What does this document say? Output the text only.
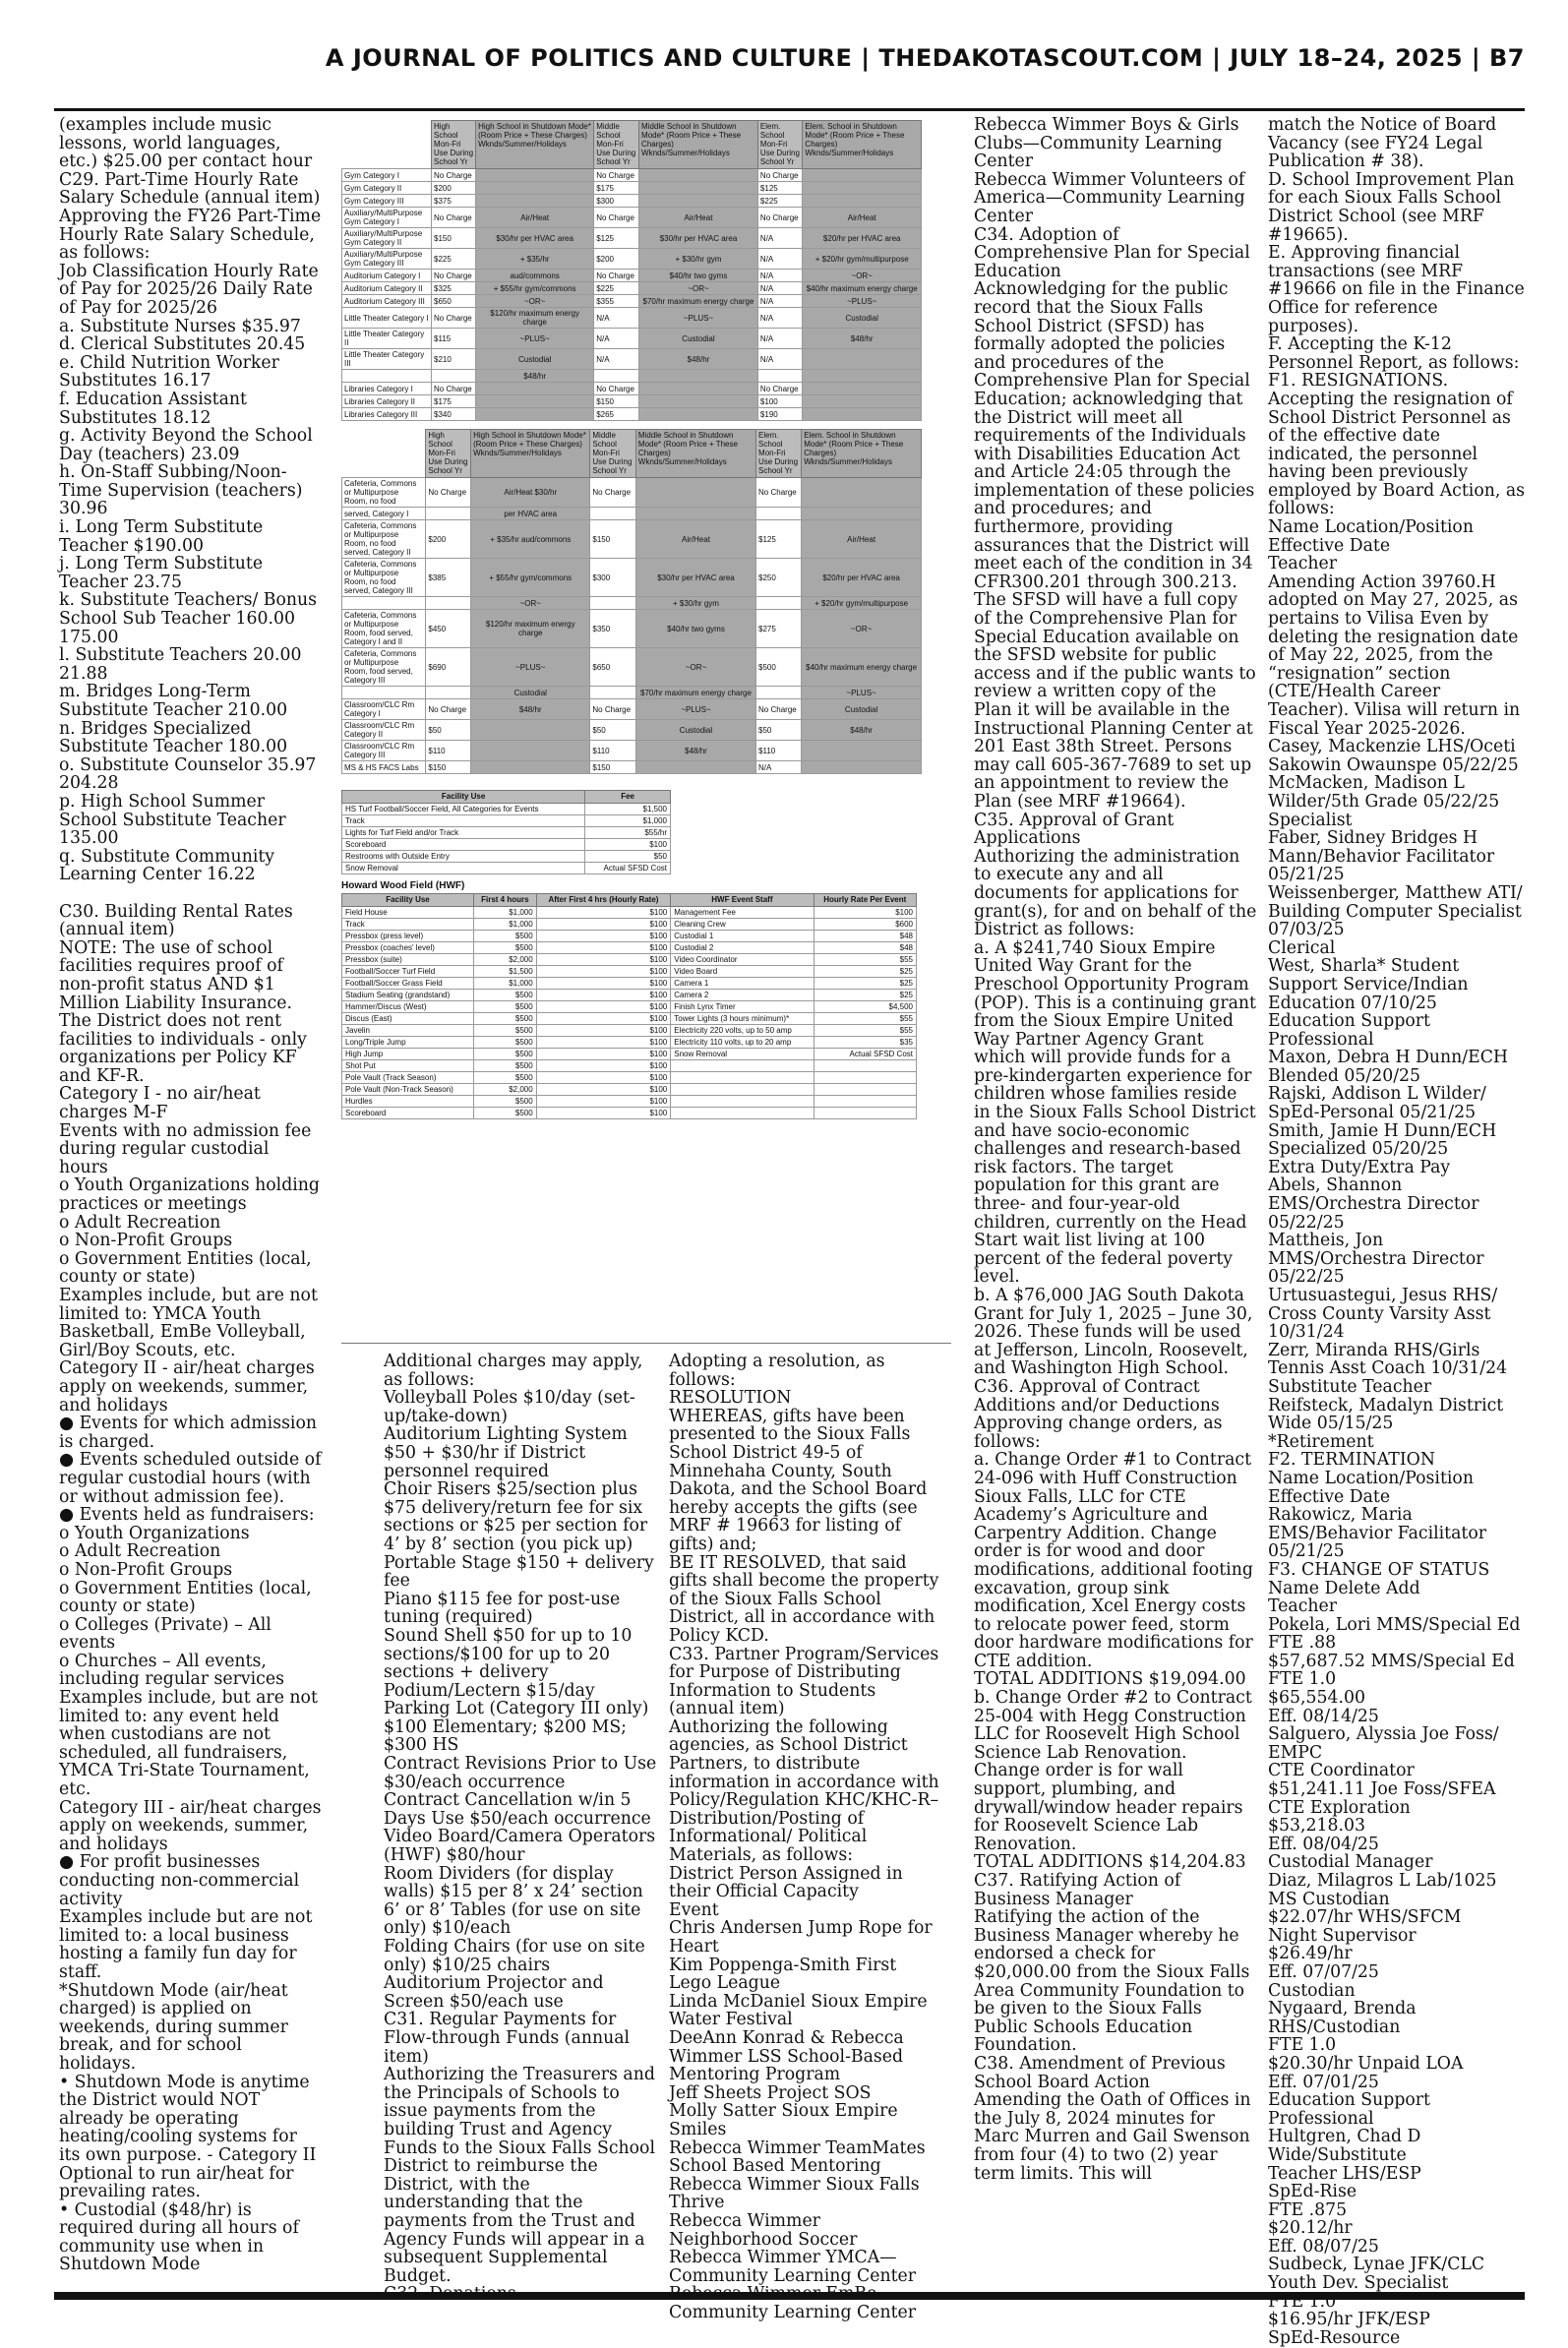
A JOURNAL OF POLITICS AND CULTURE | THEDAKOTASCOUT.COM | JULY 18–24, 2025 | B7

(examples include music lessons, world languages, etc.) $25.00 per contact hour

C29. Part-Time Hourly Rate Salary Schedule (annual item)

Approving the FY26 Part-Time Hourly Rate Salary Schedule, as follows:

Job Classification Hourly Rate of Pay for 2025/26 Daily Rate of Pay for 2025/26

a. Substitute Nurses $35.97

d. Clerical Substitutes 20.45

e. Child Nutrition Worker Substitutes 16.17

f. Education Assistant Substitutes 18.12

g. Activity Beyond the School Day (teachers) 23.09

h. On-Staff Subbing/Noon-Time Supervision (teachers) 30.96

i. Long Term Substitute Teacher $190.00

j. Long Term Substitute Teacher 23.75

k. Substitute Teachers/ Bonus School Sub Teacher 160.00

175.00

l. Substitute Teachers 20.00 21.88

m. Bridges Long-Term Substitute Teacher 210.00

n. Bridges Specialized Substitute Teacher 180.00

o. Substitute Counselor 35.97 204.28

p. High School Summer School Substitute Teacher 135.00

q. Substitute Community Learning Center 16.22

C30. Building Rental Rates (annual item)

NOTE: The use of school facilities requires proof of non-profit status AND $1 Million Liability Insurance. The District does not rent facilities to individuals - only organizations per Policy KF and KF-R.

Category I - no air/heat charges M-F

Events with no admission fee during regular custodial hours

o Youth Organizations holding practices or meetings

o Adult Recreation

o Non-Profit Groups

o Government Entities (local, county or state)

Examples include, but are not limited to: YMCA Youth Basketball, EmBe Volleyball, Girl/Boy Scouts, etc.

Category II - air/heat charges apply on weekends, summer, and holidays

● Events for which admission is charged.

● Events scheduled outside of regular custodial hours (with or without admission fee).

● Events held as fundraisers:

o Youth Organizations

o Adult Recreation

o Non-Profit Groups

o Government Entities (local, county or state)

o Colleges (Private) – All events

o Churches – All events, including regular services

Examples include, but are not limited to: any event held when custodians are not scheduled, all fundraisers, YMCA Tri-State Tournament, etc.

Category III - air/heat charges apply on weekends, summer, and holidays

● For profit businesses conducting non-commercial activity

Examples include but are not limited to: a local business hosting a family fun day for staff.

*Shutdown Mode (air/heat charged) is applied on weekends, during summer break, and for school holidays.

• Shutdown Mode is anytime the District would NOT already be operating heating/cooling systems for its own purpose. - Category II Optional to run air/heat for prevailing rates.

• Custodial ($48/hr) is required during all hours of community use when in Shutdown Mode

	High School Mon-Fri Use During School Yr	High School in Shutdown Mode* (Room Price + These Charges) Wknds/Summer/Holidays	Middle School Mon-Fri Use During School Yr	Middle School in Shutdown Mode* (Room Price + These Charges) Wknds/Summer/Holidays	Elem. School Mon-Fri Use During School Yr	Elem. School in Shutdown Mode* (Room Price + These Charges) Wknds/Summer/Holidays
Gym Category I	No Charge		No Charge		No Charge	
Gym Category II	$200		$175		$125	
Gym Category III	$375		$300		$225	
Auxiliary/MultiPurpose Gym Category I	No Charge	Air/Heat	No Charge	Air/Heat	No Charge	Air/Heat
Auxiliary/MultiPurpose Gym Category II	$150	$30/hr per HVAC area	$125	$30/hr per HVAC area	N/A	$20/hr per HVAC area
Auxiliary/MultiPurpose Gym Category III	$225	+ $35/hr	$200	+ $30/hr gym	N/A	+ $20/hr gym/multipurpose
Auditorium Category I	No Charge	aud/commons	No Charge	$40/hr two gyms	N/A	~OR~
Auditorium Category II	$325	+ $55/hr gym/commons	$225	~OR~	N/A	$40/hr maximum energy charge
Auditorium Category III	$650	~OR~	$355	$70/hr maximum energy charge	N/A	~PLUS~
Little Theater Category I	No Charge	$120/hr maximum energy charge	N/A	~PLUS~	N/A	Custodial
Little Theater Category II	$115	~PLUS~	N/A	Custodial	N/A	$48/hr
Little Theater Category III	$210	Custodial	N/A	$48/hr	N/A	
		$48/hr				
Libraries Category I	No Charge		No Charge		No Charge	
Libraries Category II	$175		$150		$100	
Libraries Category III	$340		$265		$190	
	High School Mon-Fri Use During School Yr	High School in Shutdown Mode* (Room Price + These Charges) Wknds/Summer/Holidays	Middle School Mon-Fri Use During School Yr	Middle School in Shutdown Mode* (Room Price + These Charges) Wknds/Summer/Holidays	Elem. School Mon-Fri Use During School Yr	Elem. School in Shutdown Mode* (Room Price + These Charges) Wknds/Summer/Holidays
Cafeteria, Commons or Multipurpose Room, no food	No Charge	Air/Heat $30/hr	No Charge		No Charge	
served, Category I		per HVAC area				
Cafeteria, Commons or Multipurpose Room, no food served, Category II	$200	+ $35/hr aud/commons	$150	Air/Heat	$125	Air/Heat
Cafeteria, Commons or Multipurpose Room, no food served, Category III	$385	+ $55/hr gym/commons	$300	$30/hr per HVAC area	$250	$20/hr per HVAC area
		~OR~		+ $30/hr gym		+ $20/hr gym/multipurpose
Cafeteria, Commons or Multipurpose Room, food served, Category I and II	$450	$120/hr maximum energy charge	$350	$40/hr two gyms	$275	~OR~
Cafeteria, Commons or Multipurpose Room, food served, Category III	$690	~PLUS~	$650	~OR~	$500	$40/hr maximum energy charge
		Custodial		$70/hr maximum energy charge		~PLUS~
Classroom/CLC Rm Category I	No Charge	$48/hr	No Charge	~PLUS~	No Charge	Custodial
Classroom/CLC Rm Category II	$50		$50	Custodial	$50	$48/hr
Classroom/CLC Rm Category III	$110		$110	$48/hr	$110	
MS & HS FACS Labs	$150		$150		N/A	
Facility Use	Fee
HS Turf Football/Soccer Field, All Categories for Events	$1,500
Track	$1,000
Lights for Turf Field and/or Track	$55/hr
Scoreboard	$100
Restrooms with Outside Entry	$50
Snow Removal	Actual SFSD Cost
Howard Wood Field (HWF)
Facility Use	First 4 hours	After First 4 hrs (Hourly Rate)	HWF Event Staff	Hourly Rate Per Event
Field House	$1,000	$100	Management Fee	$100
Track	$1,000	$100	Cleaning Crew	$600
Pressbox (press level)	$500	$100	Custodial 1	$48
Pressbox (coaches' level)	$500	$100	Custodial 2	$48
Pressbox (suite)	$2,000	$100	Video Coordinator	$55
Football/Soccer Turf Field	$1,500	$100	Video Board	$25
Football/Soccer Grass Field	$1,000	$100	Camera 1	$25
Stadium Seating (grandstand)	$500	$100	Camera 2	$25
Hammer/Discus (West)	$500	$100	Finish Lynx Timer	$4,500
Discus (East)	$500	$100	Tower Lights (3 hours minimum)*	$55
Javelin	$500	$100	Electricity 220 volts, up to 50 amp	$55
Long/Triple Jump	$500	$100	Electricity 110 volts, up to 20 amp	$35
High Jump	$500	$100	Snow Removal	Actual SFSD Cost
Shot Put	$500	$100		
Pole Vault (Track Season)	$500	$100		
Pole Vault (Non-Track Season)	$2,000	$100		
Hurdles	$500	$100		
Scoreboard	$500	$100		

Additional charges may apply, as follows:

Volleyball Poles $10/day (set-up/take-down)

Auditorium Lighting System $50 + $30/hr if District personnel required

Choir Risers $25/section plus $75 delivery/return fee for six sections or $25 per section for 4’ by 8’ section (you pick up)

Portable Stage $150 + delivery fee

Piano $115 fee for post-use tuning (required)

Sound Shell $50 for up to 10 sections/$100 for up to 20 sections + delivery

Podium/Lectern $15/day

Parking Lot (Category III only) $100 Elementary; $200 MS; $300 HS

Contract Revisions Prior to Use $30/each occurrence

Contract Cancellation w/in 5 Days Use $50/each occurrence

Video Board/Camera Operators (HWF) $80/hour

Room Dividers (for display walls) $15 per 8’ x 24’ section

6’ or 8’ Tables (for use on site only) $10/each

Folding Chairs (for use on site only) $10/25 chairs

Auditorium Projector and Screen $50/each use

C31. Regular Payments for Flow-through Funds (annual item)

Authorizing the Treasurers and the Principals of Schools to issue payments from the building Trust and Agency Funds to the Sioux Falls School District to reimburse the District, with the understanding that the payments from the Trust and Agency Funds will appear in a subsequent Supplemental Budget.

C32. Donations

Adopting a resolution, as follows:

RESOLUTION

WHEREAS, gifts have been presented to the Sioux Falls School District 49-5 of Minnehaha County, South Dakota, and the School Board hereby accepts the gifts (see MRF # 19663 for listing of gifts) and;

BE IT RESOLVED, that said gifts shall become the property of the Sioux Falls School District, all in accordance with Policy KCD.

C33. Partner Program/Services for Purpose of Distributing Information to Students (annual item)

Authorizing the following agencies, as School District Partners, to distribute information in accordance with Policy/Regulation KHC/KHC-R–Distribution/Posting of Informational/ Political Materials, as follows:

District Person Assigned in their Official Capacity

Event

Chris Andersen Jump Rope for Heart

Kim Poppenga-Smith First Lego League

Linda McDaniel Sioux Empire Water Festival

DeeAnn Konrad & Rebecca Wimmer LSS School-Based Mentoring Program

Jeff Sheets Project SOS

Molly Satter Sioux Empire Smiles

Rebecca Wimmer TeamMates School Based Mentoring

Rebecca Wimmer Sioux Falls Thrive

Rebecca Wimmer Neighborhood Soccer

Rebecca Wimmer YMCA—Community Learning Center

Rebecca Wimmer EmBe—Community Learning Center

Rebecca Wimmer Boys & Girls Clubs—Community Learning Center

Rebecca Wimmer Volunteers of America—Community Learning Center

C34. Adoption of Comprehensive Plan for Special Education

Acknowledging for the public record that the Sioux Falls School District (SFSD) has formally adopted the policies and procedures of the Comprehensive Plan for Special Education; acknowledging that the District will meet all requirements of the Individuals with Disabilities Education Act and Article 24:05 through the implementation of these policies and procedures; and furthermore, providing assurances that the District will meet each of the condition in 34 CFR300.201 through 300.213. The SFSD will have a full copy of the Comprehensive Plan for Special Education available on the SFSD website for public access and if the public wants to review a written copy of the Plan it will be available in the Instructional Planning Center at 201 East 38th Street. Persons may call 605-367-7689 to set up an appointment to review the Plan (see MRF #19664).

C35. Approval of Grant Applications

Authorizing the administration to execute any and all documents for applications for grant(s), for and on behalf of the District as follows:

a. A $241,740 Sioux Empire United Way Grant for the Preschool Opportunity Program (POP). This is a continuing grant from the Sioux Empire United Way Partner Agency Grant which will provide funds for a pre-kindergarten experience for children whose families reside in the Sioux Falls School District and have socio-economic challenges and research-based risk factors. The target population for this grant are three- and four-year-old children, currently on the Head Start wait list living at 100 percent of the federal poverty level.

b. A $76,000 JAG South Dakota Grant for July 1, 2025 – June 30, 2026. These funds will be used at Jefferson, Lincoln, Roosevelt, and Washington High School.

C36. Approval of Contract Additions and/or Deductions

Approving change orders, as follows:

a. Change Order #1 to Contract 24-096 with Huff Construction Sioux Falls, LLC for CTE Academy’s Agriculture and Carpentry Addition. Change order is for wood and door modifications, additional footing excavation, group sink modification, Xcel Energy costs to relocate power feed, storm door hardware modifications for CTE addition.

TOTAL ADDITIONS $19,094.00

b. Change Order #2 to Contract 25-004 with Hegg Construction LLC for Roosevelt High School Science Lab Renovation. Change order is for wall support, plumbing, and drywall/window header repairs for Roosevelt Science Lab Renovation.

TOTAL ADDITIONS $14,204.83

C37. Ratifying Action of Business Manager

Ratifying the action of the Business Manager whereby he endorsed a check for $20,000.00 from the Sioux Falls Area Community Foundation to be given to the Sioux Falls Public Schools Education Foundation.

C38. Amendment of Previous School Board Action

Amending the Oath of Offices in the July 8, 2024 minutes for Marc Murren and Gail Swenson from four (4) to two (2) year term limits. This will

match the Notice of Board Vacancy (see FY24 Legal Publication # 38).

D. School Improvement Plan for each Sioux Falls School District School (see MRF #19665).

E. Approving financial transactions (see MRF #19666 on file in the Finance Office for reference purposes).

F. Accepting the K-12 Personnel Report, as follows:

F1. RESIGNATIONS. Accepting the resignation of School District Personnel as of the effective date indicated, the personnel having been previously employed by Board Action, as follows:

Name Location/Position Effective Date

Teacher

Amending Action 39760.H adopted on May 27, 2025, as pertains to Vilisa Even by deleting the resignation date of May 22, 2025, from the “resignation” section (CTE/Health Career Teacher). Vilisa will return in Fiscal Year 2025-2026.

Casey, Mackenzie LHS/Oceti Sakowin Owaunspe 05/22/25

McMacken, Madison L Wilder/5th Grade 05/22/25

Specialist

Faber, Sidney Bridges H Mann/Behavior Facilitator 05/21/25

Weissenberger, Matthew ATI/ Building Computer Specialist 07/03/25

Clerical

West, Sharla* Student Support Service/Indian Education 07/10/25

Education Support Professional

Maxon, Debra H Dunn/ECH Blended 05/20/25

Rajski, Addison L Wilder/ SpEd-Personal 05/21/25

Smith, Jamie H Dunn/ECH Specialized 05/20/25

Extra Duty/Extra Pay

Abels, Shannon EMS/Orchestra Director 05/22/25

Mattheis, Jon MMS/Orchestra Director 05/22/25

Urtusuastegui, Jesus RHS/ Cross County Varsity Asst 10/31/24

Zerr, Miranda RHS/Girls Tennis Asst Coach 10/31/24

Substitute Teacher

Reifsteck, Madalyn District Wide 05/15/25

*Retirement

F2. TERMINATION

Name Location/Position Effective Date

Rakowicz, Maria EMS/Behavior Facilitator 05/21/25

F3. CHANGE OF STATUS

Name Delete Add

Teacher

Pokela, Lori MMS/Special Ed FTE .88

$57,687.52 MMS/Special Ed FTE 1.0

$65,554.00

Eff. 08/14/25

Salguero, Alyssia Joe Foss/ EMPC

CTE Coordinator

$51,241.11 Joe Foss/SFEA

CTE Exploration

$53,218.03

Eff. 08/04/25

Custodial Manager

Diaz, Milagros L Lab/1025 MS Custodian

$22.07/hr WHS/SFCM

Night Supervisor

$26.49/hr

Eff. 07/07/25

Custodian

Nygaard, Brenda RHS/Custodian

FTE 1.0

$20.30/hr Unpaid LOA

Eff. 07/01/25

Education Support Professional

Hultgren, Chad D Wide/Substitute

Teacher LHS/ESP

SpEd-Rise

FTE .875

$20.12/hr

Eff. 08/07/25

Sudbeck, Lynae JFK/CLC

Youth Dev. Specialist

FTE 1.0

$16.95/hr JFK/ESP

SpEd-Resource
